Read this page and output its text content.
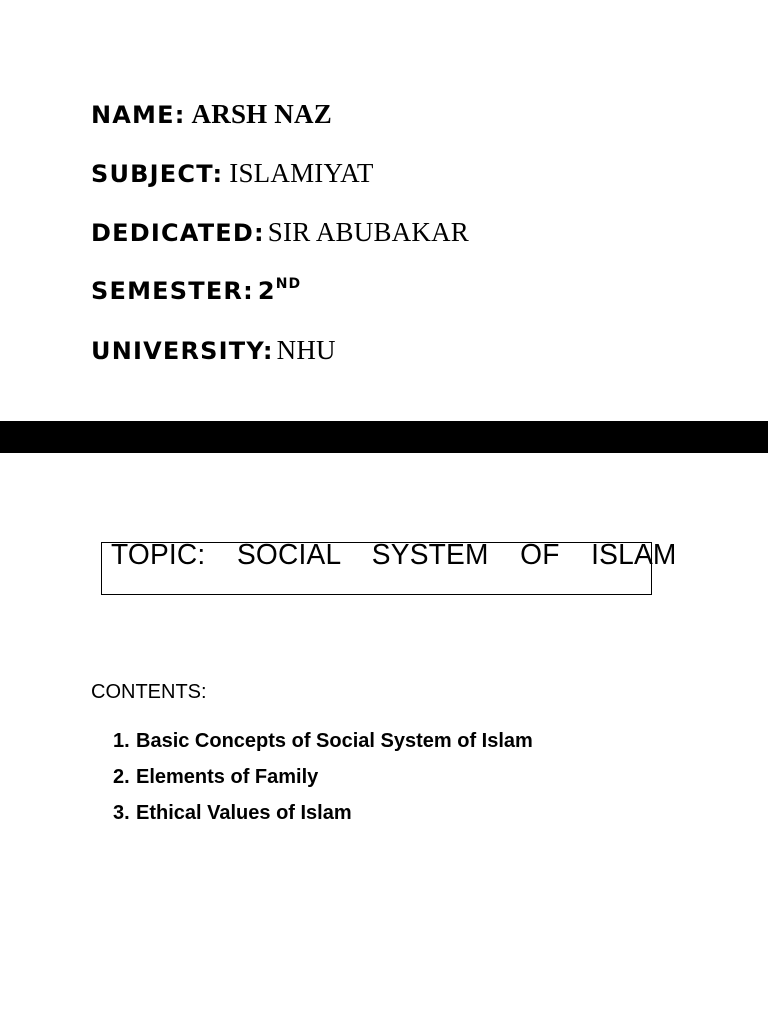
NAME: ARSH NAZ
SUBJECT: ISLAMIYAT
DEDICATED: SIR ABUBAKAR
SEMESTER: 2ND
UNIVERSITY: NHU
TOPIC:  SOCIAL  SYSTEM  OF  ISLAM
CONTENTS:
1. Basic Concepts of Social System of Islam
2. Elements of Family
3. Ethical Values of Islam
